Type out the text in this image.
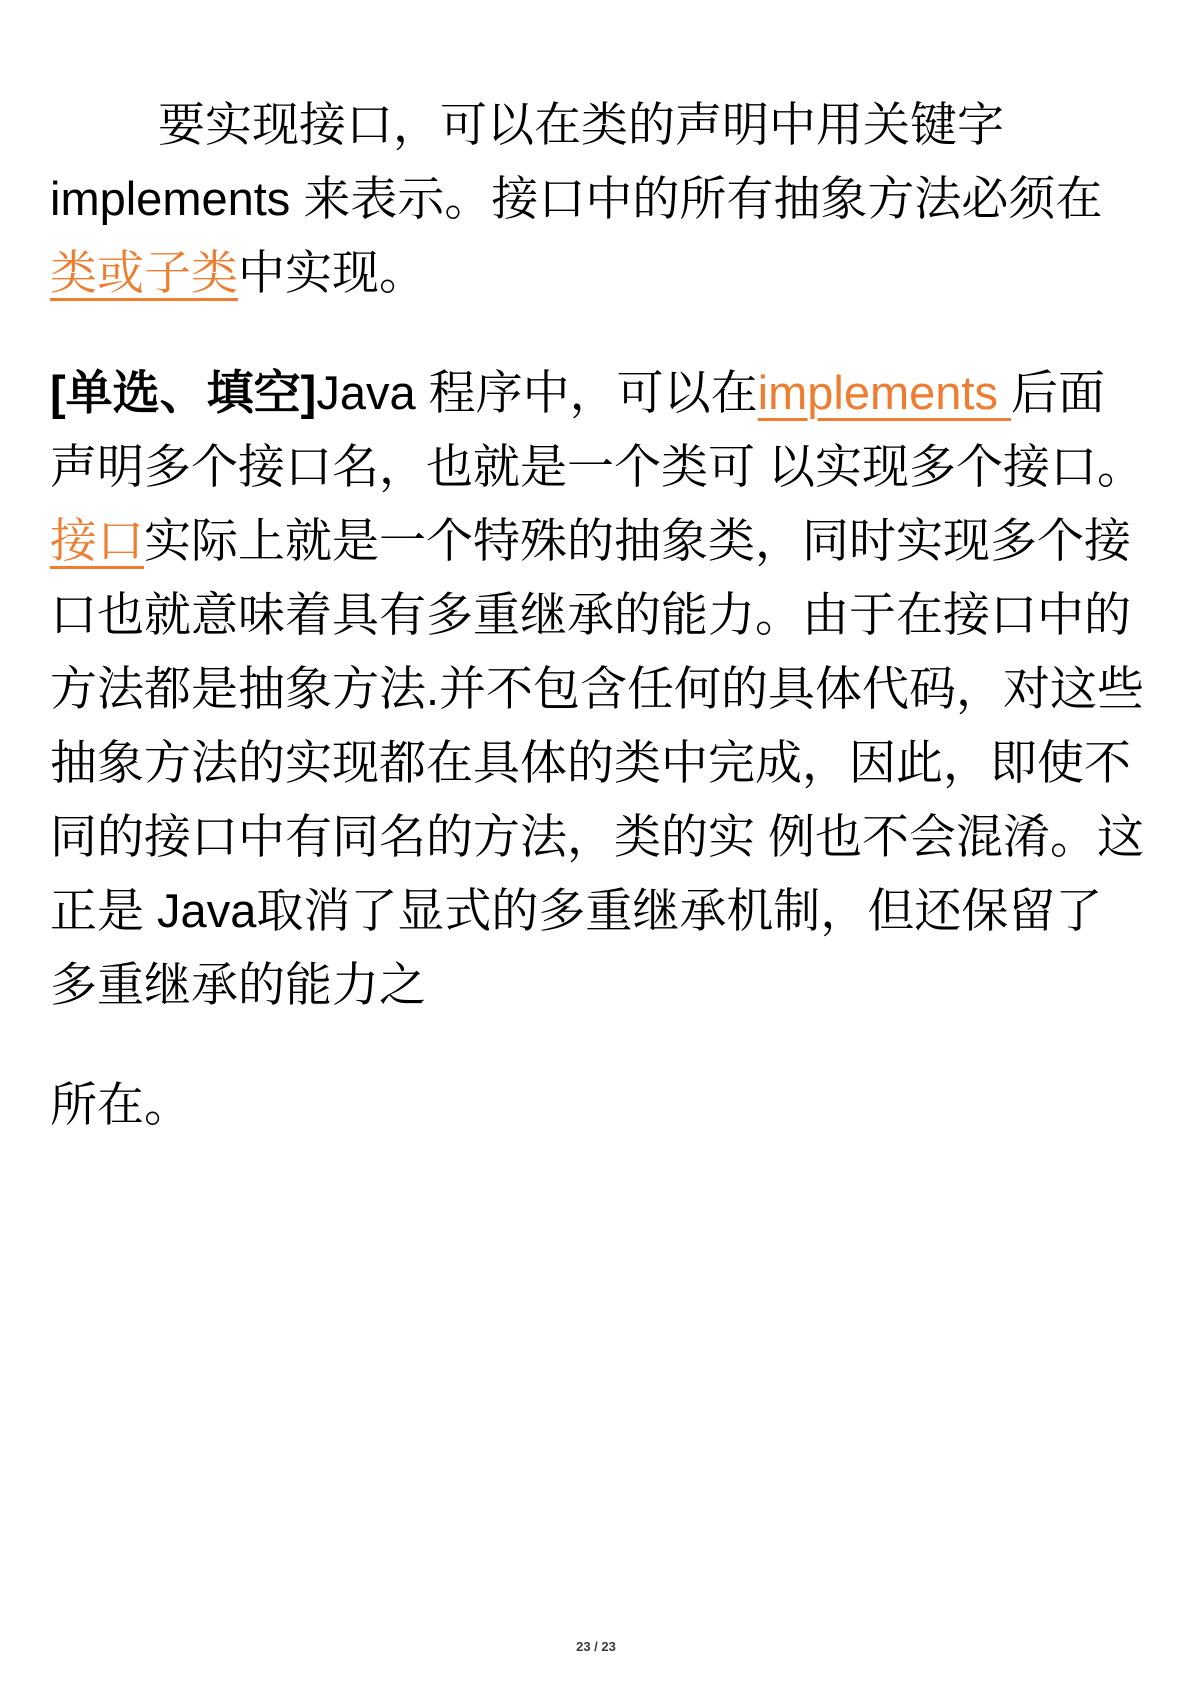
要实现接口，可以在类的声明中用关键字 implements 来表示。接口中的所有抽象方法必须在类或子类中实现。

[单选、填空]Java 程序中，可以在implements 后面声明多个接口名，也就是一个类可 以实现多个接口。接口实际上就是一个特殊的抽象类，同时实现多个接口也就意味着具有多重继承的能力。由于在接口中的方法都是抽象方法.并不包含任何的具体代码，对这些抽象方法的实现都在具体的类中完成，因此，即使不同的接口中有同名的方法，类的实 例也不会混淆。这正是 Java取消了显式的多重继承机制，但还保留了多重继承的能力之

所在。

23 / 23
